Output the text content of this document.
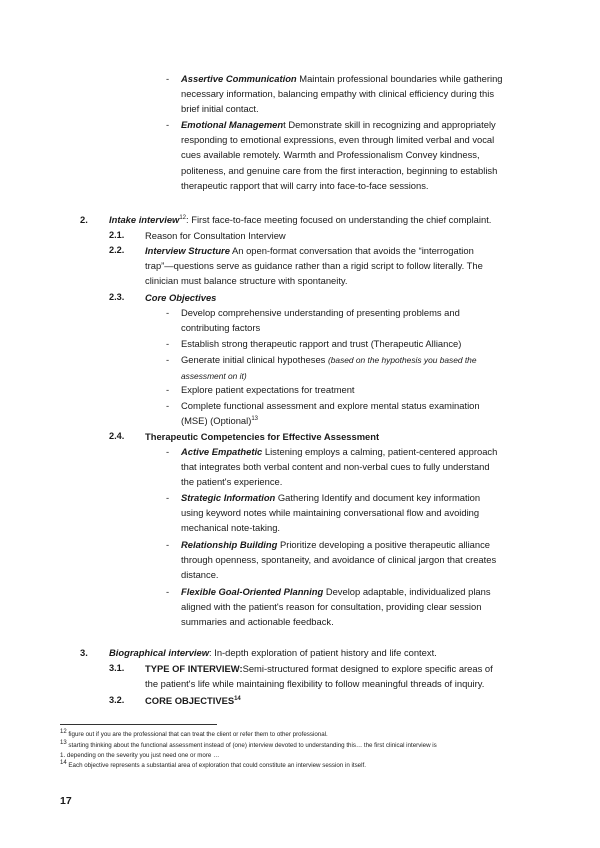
- Assertive Communication Maintain professional boundaries while gathering
necessary information, balancing empathy with clinical efficiency during this
brief initial contact.
- Emotional Management Demonstrate skill in recognizing and appropriately
responding to emotional expressions, even through limited verbal and vocal
cues available remotely. Warmth and Professionalism Convey kindness,
politeness, and genuine care from the first interaction, beginning to establish
therapeutic rapport that will carry into face-to-face sessions.
2. Intake interview$^{12}$: First face-to-face meeting focused on understanding the chief complaint.
2.1. Reason for Consultation Interview
2.2. Interview Structure An open-format conversation that avoids the “interrogation
trap”—questions serve as guidance rather than a rigid script to follow literally. The
clinician must balance structure with spontaneity.
2.3. Core Objectives
- Develop comprehensive understanding of presenting problems and
contributing factors
- Establish strong therapeutic rapport and trust (Therapeutic Alliance)
- Generate initial clinical hypotheses (based on the hypothesis you based the
assessment on it)
- Explore patient expectations for treatment
- Complete functional assessment and explore mental status examination
(MSE) (Optional)$^{13}$
2.4. Therapeutic Competencies for Effective Assessment
- Active Empathetic Listening employs a calming, patient-centered approach
that integrates both verbal content and non-verbal cues to fully understand
the patient's experience.
- Strategic Information Gathering Identify and document key information
using keyword notes while maintaining conversational flow and avoiding
mechanical note-taking.
- Relationship Building Prioritize developing a positive therapeutic alliance
through openness, spontaneity, and avoidance of clinical jargon that creates
distance.
- Flexible Goal-Oriented Planning Develop adaptable, individualized plans
aligned with the patient's reason for consultation, providing clear session
summaries and actionable feedback.
3. Biographical interview: In-depth exploration of patient history and life context.
3.1. TYPE OF INTERVIEW:Semi-structured format designed to explore specific areas of
the patient's life while maintaining flexibility to follow meaningful threads of inquiry.
3.2. CORE OBJECTIVES$^{14}$
$^{12}$ figure out if you are the professional that can treat the client or refer them to other professional.
$^{13}$ starting thinking about the functional assessment instead of (one) interview devoted to understanding this… the first clinical interview is
1. depending on the severity you just need one or more …
$^{14}$ Each objective represents a substantial area of exploration that could constitute an interview session in itself.
17
